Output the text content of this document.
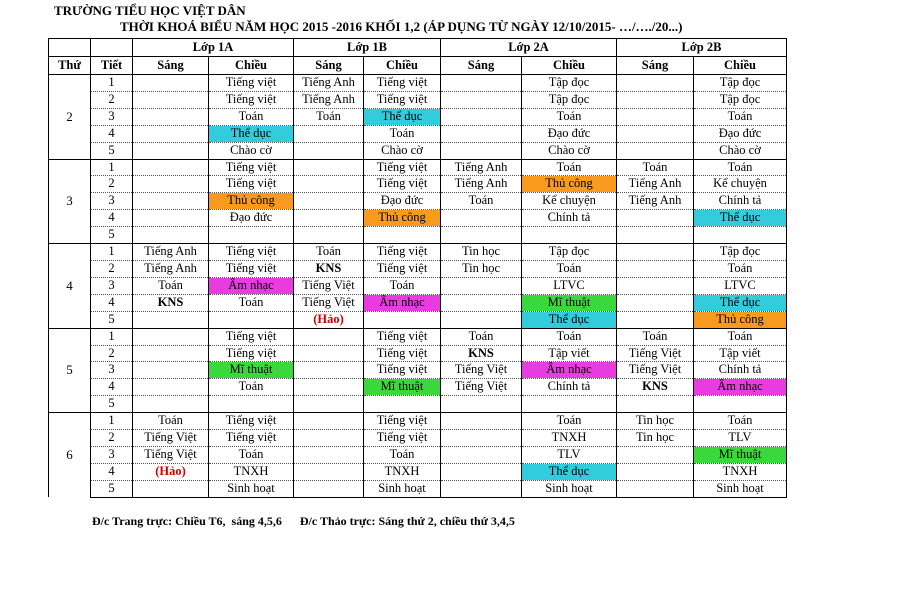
TRƯỜNG TIỂU HỌC VIỆT DÂN
THỜI KHOÁ BIỂU NĂM HỌC 2015 -2016 KHỐI 1,2 (ÁP DỤNG TỪ NGÀY 12/10/2015- …/…./20...)
		Lớp 1A		Lớp 1B		Lớp 2A		Lớp 2B	
Thứ	Tiết	Sáng	Chiều	Sáng	Chiều	Sáng	Chiều	Sáng	Chiều
2	1		Tiếng việt	Tiếng Anh	Tiếng việt		Tập đọc		Tập đọc
	2		Tiếng việt	Tiếng Anh	Tiếng việt		Tập đọc		Tập đọc
	3		Toán	Toán	Thể dục		Toán		Toán
	4		Thể dục		Toán		Đạo đức		Đạo đức
	5		Chào cờ		Chào cờ		Chào cờ		Chào cờ
3	1		Tiếng việt		Tiếng việt	Tiếng Anh	Toán	Toán	Toán
	2		Tiếng việt		Tiếng việt	Tiếng Anh	Thủ công	Tiếng Anh	Kể chuyện
	3		Thủ công		Đạo đức	Toán	Kể chuyện	Tiếng Anh	Chính tả
	4		Đạo đức		Thủ công		Chính tả		Thể dục
	5								
4	1	Tiếng Anh	Tiếng việt	Toán	Tiếng việt	Tin học	Tập đọc		Tập đọc
	2	Tiếng Anh	Tiếng việt	KNS	Tiếng việt	Tin học	Toán		Toán
	3	Toán	Âm nhạc	Tiếng Việt	Toán		LTVC		LTVC
	4	KNS	Toán	Tiếng Việt	Âm nhạc		Mĩ thuật		Thể dục
	5			(Hảo)			Thể dục		Thủ công
5	1		Tiếng việt		Tiếng việt	Toán	Toán	Toán	Toán
	2		Tiếng việt		Tiếng việt	KNS	Tập viết	Tiếng Việt	Tập viết
	3		Mĩ thuật		Tiếng việt	Tiếng Việt	Âm nhạc	Tiếng Việt	Chính tả
	4		Toán		Mĩ thuật	Tiếng Việt	Chính tả	KNS	Âm nhạc
	5								
6	1	Toán	Tiếng việt		Tiếng việt		Toán	Tin học	Toán
	2	Tiếng Việt	Tiếng việt		Tiếng việt		TNXH	Tin học	TLV
	3	Tiếng Việt	Toán		Toán		TLV		Mĩ thuật
	4	(Hảo)	TNXH		TNXH		Thể dục		TNXH
	5		Sinh hoạt		Sinh hoạt		Sinh hoạt		Sinh hoạt
Đ/c Trang trực: Chiều T6,  sáng 4,5,6      Đ/c Thảo trực: Sáng thứ 2, chiều thứ 3,4,5
